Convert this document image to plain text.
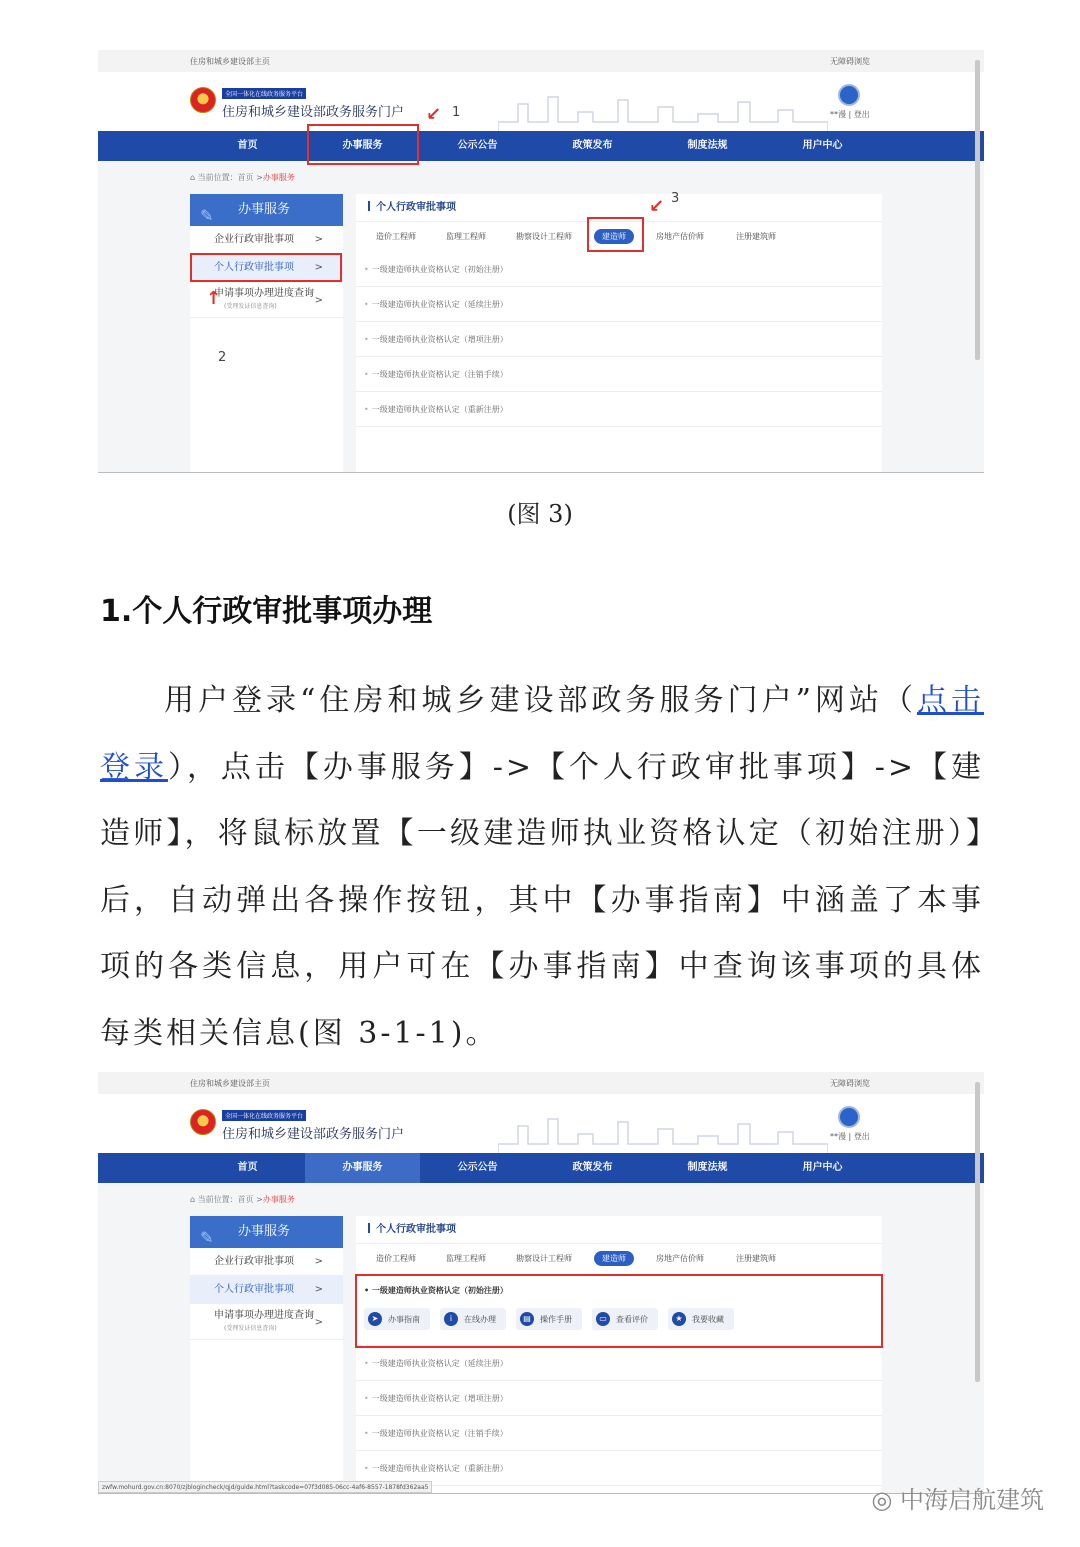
住房和城乡建设部主页	无障碍浏览
全国一体化在线政务服务平台
住房和城乡建设部政务服务门户	**漫 | 登出
首页	办事服务	公示公告	政策发布	制度法规	用户中心
⌂ 当前位置：首页 >办事服务
✎ 办事服务
企业行政审批事项 >
个人行政审批事项 >
申请事项办理进度查询
(受理发证信息查询)
>
个人行政审批事项
造价工程师	监理工程师	勘察设计工程师	建造师	房地产估价师	注册建筑师
• 一级建造师执业资格认定（初始注册）
• 一级建造师执业资格认定（延续注册）
• 一级建造师执业资格认定（增项注册）
• 一级建造师执业资格认定（注销手续）
• 一级建造师执业资格认定（重新注册）
↙ 1
↑
2
↙ 3
(图 3)
1.个人行政审批事项办理
用户登录“住房和城乡建设部政务服务门户”网站（点击登录），点击【办事服务】->【个人行政审批事项】->【建造师】，将鼠标放置【一级建造师执业资格认定（初始注册）】后，自动弹出各操作按钮，其中【办事指南】中涵盖了本事项的各类信息，用户可在【办事指南】中查询该事项的具体每类相关信息(图 3-1-1)。
住房和城乡建设部主页	无障碍浏览
全国一体化在线政务服务平台
住房和城乡建设部政务服务门户	**漫 | 登出
首页	办事服务	公示公告	政策发布	制度法规	用户中心
⌂ 当前位置：首页 >办事服务
✎ 办事服务
企业行政审批事项 >
个人行政审批事项 >
申请事项办理进度查询
(受理发证信息查询)
>
个人行政审批事项
造价工程师	监理工程师	勘察设计工程师	建造师	房地产估价师	注册建筑师
• 一级建造师执业资格认定（初始注册）
➤	办事指南	i	在线办理	▤	操作手册	▭	查看评价	★	我要收藏
• 一级建造师执业资格认定（延续注册）
• 一级建造师执业资格认定（增项注册）
• 一级建造师执业资格认定（注销手续）
• 一级建造师执业资格认定（重新注册）
zwfw.mohurd.gov.cn:8070/zjblogincheck/qjd/guide.html?taskcode=07f3d085-06cc-4af6-8557-1878fd362aa5	◎ 中海启航建筑
